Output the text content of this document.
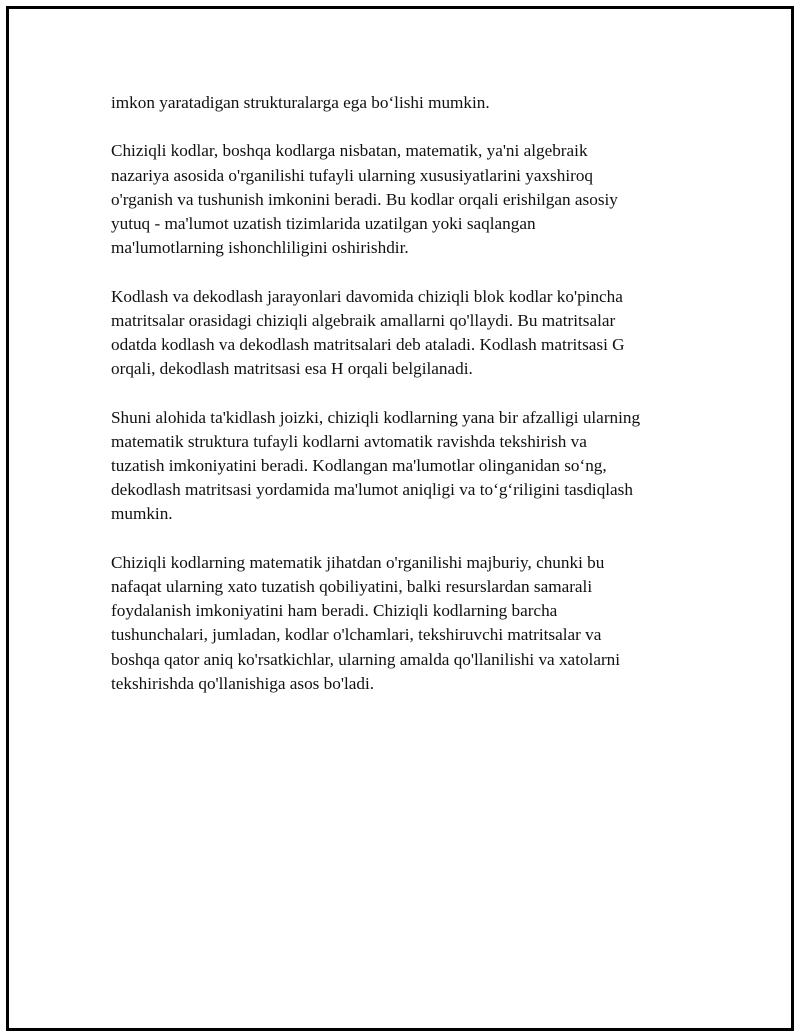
imkon yaratadigan strukturalarga ega bo‘lishi mumkin.

Chiziqli kodlar, boshqa kodlarga nisbatan, matematik, ya'ni algebraik
nazariya asosida o'rganilishi tufayli ularning xususiyatlarini yaxshiroq
o'rganish va tushunish imkonini beradi. Bu kodlar orqali erishilgan asosiy
yutuq - ma'lumot uzatish tizimlarida uzatilgan yoki saqlangan
ma'lumotlarning ishonchliligini oshirishdir.

Kodlash va dekodlash jarayonlari davomida chiziqli blok kodlar ko'pincha
matritsalar orasidagi chiziqli algebraik amallarni qo'llaydi. Bu matritsalar
odatda kodlash va dekodlash matritsalari deb ataladi. Kodlash matritsasi G
orqali, dekodlash matritsasi esa H orqali belgilanadi.

Shuni alohida ta'kidlash joizki, chiziqli kodlarning yana bir afzalligi ularning
matematik struktura tufayli kodlarni avtomatik ravishda tekshirish va
tuzatish imkoniyatini beradi. Kodlangan ma'lumotlar olinganidan so‘ng,
dekodlash matritsasi yordamida ma'lumot aniqligi va to‘g‘riligini tasdiqlash
mumkin.

Chiziqli kodlarning matematik jihatdan o'rganilishi majburiy, chunki bu
nafaqat ularning xato tuzatish qobiliyatini, balki resurslardan samarali
foydalanish imkoniyatini ham beradi. Chiziqli kodlarning barcha
tushunchalari, jumladan, kodlar o'lchamlari, tekshiruvchi matritsalar va
boshqa qator aniq ko'rsatkichlar, ularning amalda qo'llanilishi va xatolarni
tekshirishda qo'llanishiga asos bo'ladi.
